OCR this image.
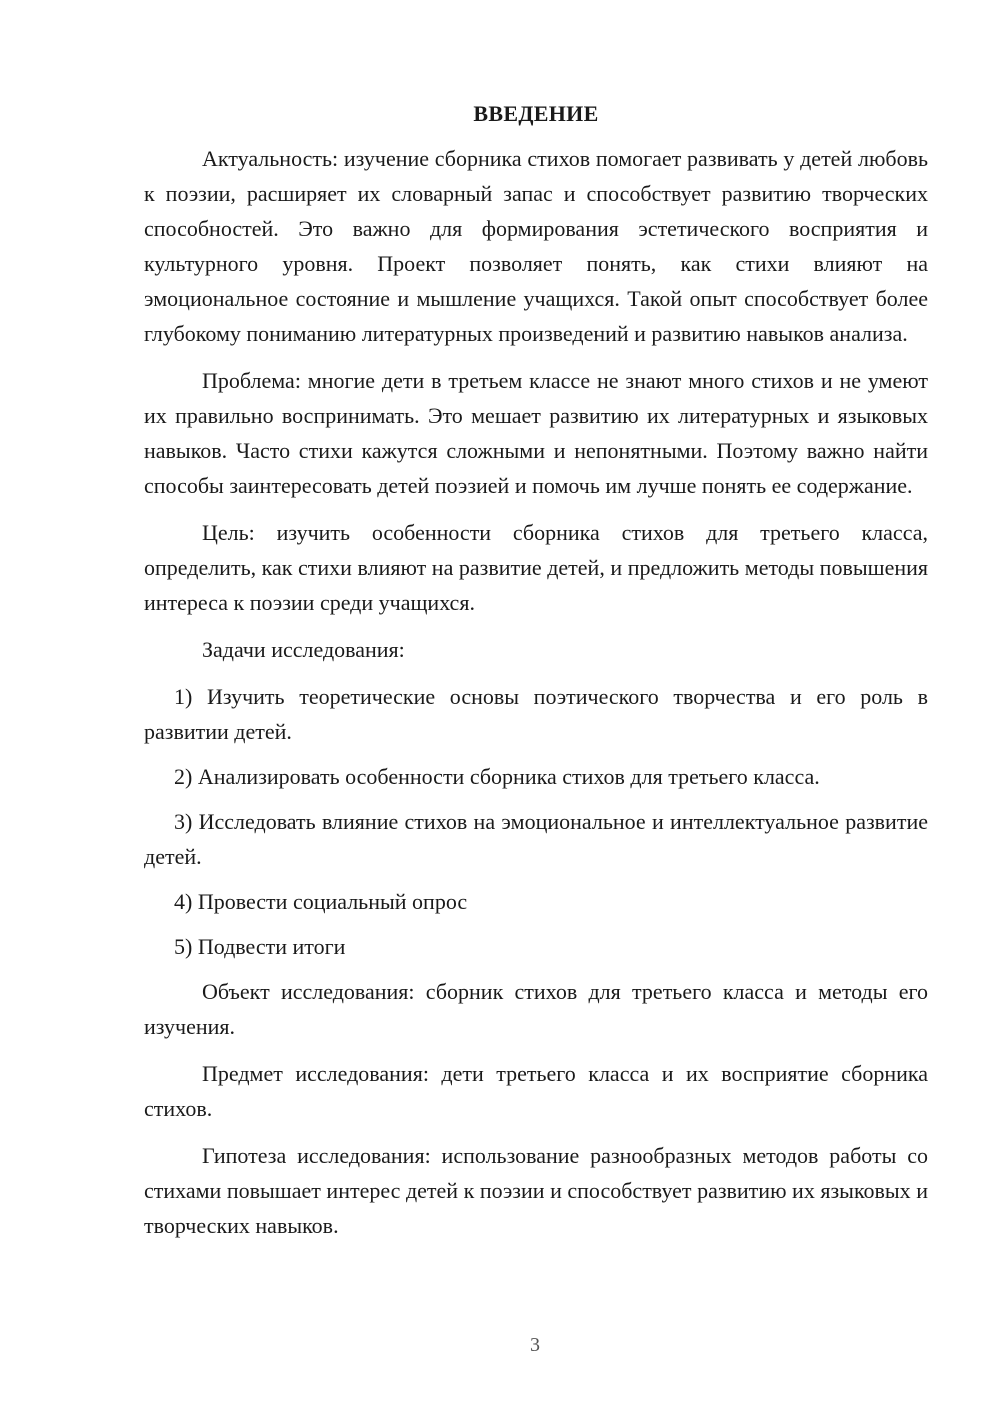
ВВЕДЕНИЕ

Актуальность: изучение сборника стихов помогает развивать у детей любовь к поэзии, расширяет их словарный запас и способствует развитию творческих способностей. Это важно для формирования эстетического восприятия и культурного уровня. Проект позволяет понять, как стихи влияют на эмоциональное состояние и мышление учащихся. Такой опыт способствует более глубокому пониманию литературных произведений и развитию навыков анализа.

Проблема: многие дети в третьем классе не знают много стихов и не умеют их правильно воспринимать. Это мешает развитию их литературных и языковых навыков. Часто стихи кажутся сложными и непонятными. Поэтому важно найти способы заинтересовать детей поэзией и помочь им лучше понять ее содержание.

Цель: изучить особенности сборника стихов для третьего класса, определить, как стихи влияют на развитие детей, и предложить методы повышения интереса к поэзии среди учащихся.

Задачи исследования:

1) Изучить теоретические основы поэтического творчества и его роль в развитии детей.

2) Анализировать особенности сборника стихов для третьего класса.

3) Исследовать влияние стихов на эмоциональное и интеллектуальное развитие детей.

4) Провести социальный опрос

5) Подвести итоги

Объект исследования: сборник стихов для третьего класса и методы его изучения.

Предмет исследования: дети третьего класса и их восприятие сборника стихов.

Гипотеза исследования: использование разнообразных методов работы со стихами повышает интерес детей к поэзии и способствует развитию их языковых и творческих навыков.

3
